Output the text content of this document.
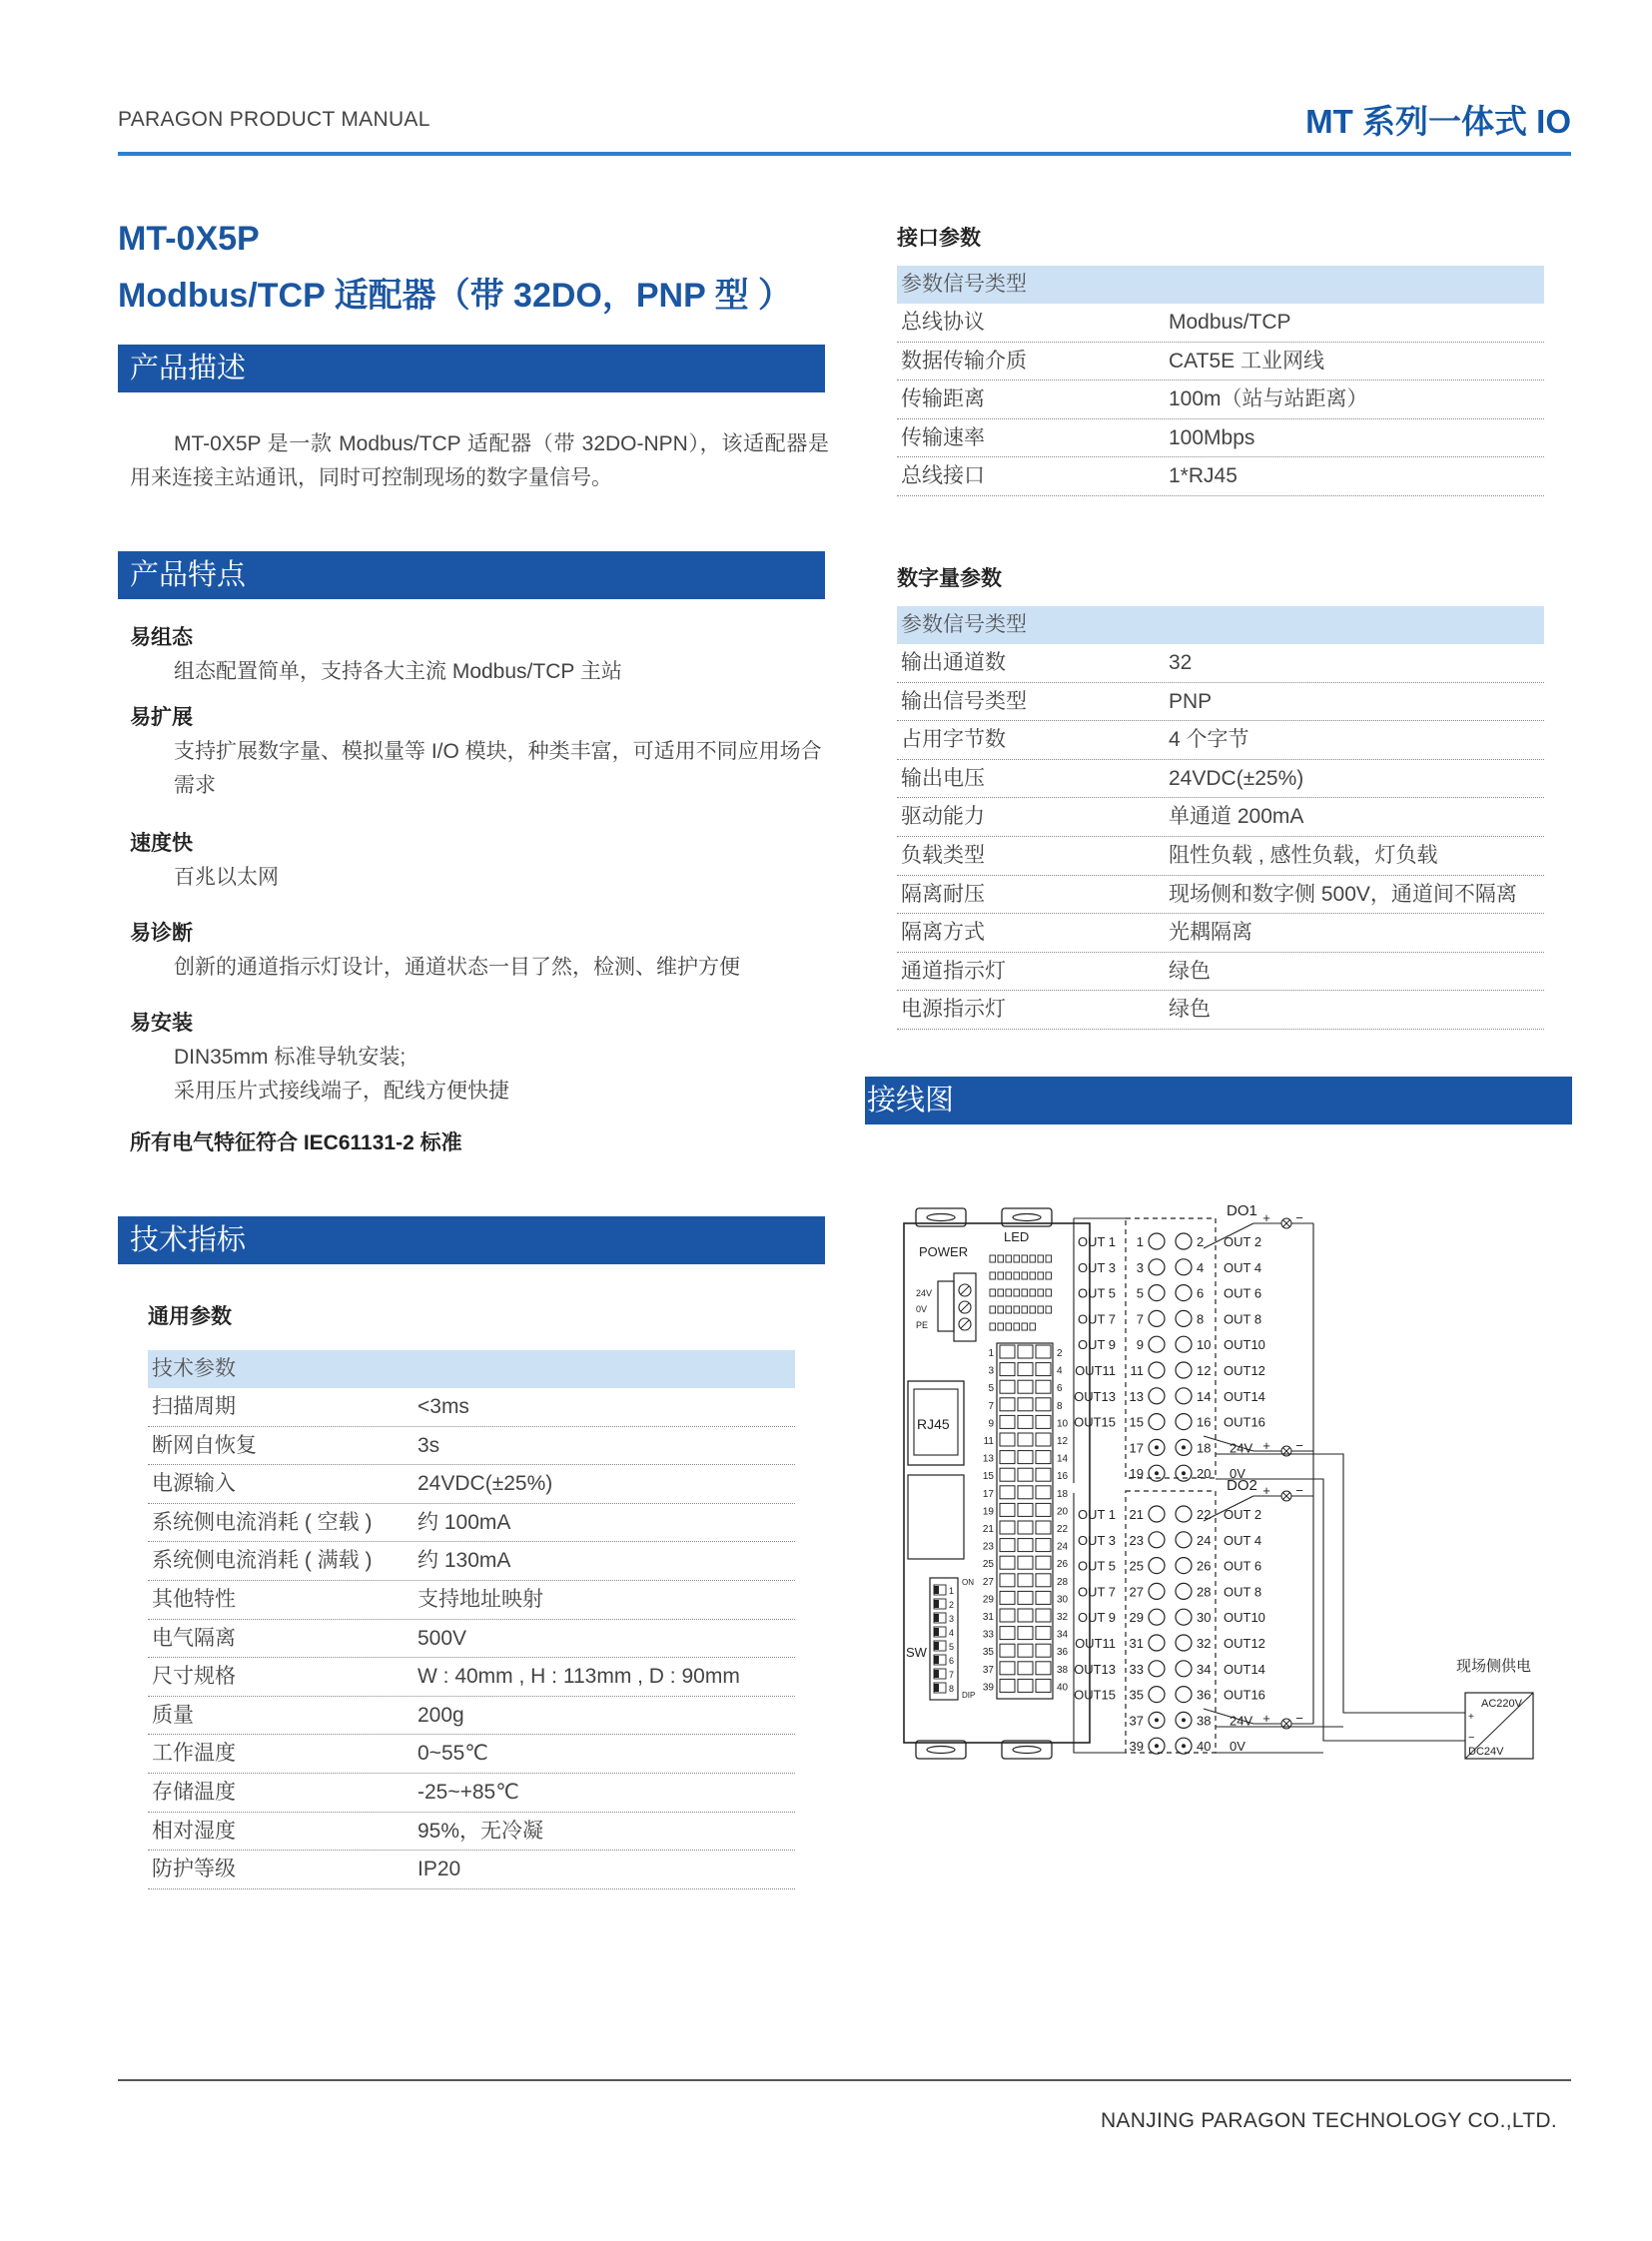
PARAGON PRODUCT MANUAL	MT 系列一体式 IO
MT-0X5P
Modbus/TCP 适配器（带 32DO，PNP 型 ）
产品描述
MT-0X5P 是一款 Modbus/TCP 适配器（带 32DO-NPN），该适配器是用来连接主站通讯，同时可控制现场的数字量信号。
产品特点
易组态
组态配置简单，支持各大主流 Modbus/TCP 主站
易扩展
支持扩展数字量、模拟量等 I/O 模块，种类丰富，可适用不同应用场合需求
速度快
百兆以太网
易诊断
创新的通道指示灯设计，通道状态一目了然，检测、维护方便
易安装
DIN35mm 标准导轨安装;
采用压片式接线端子，配线方便快捷
所有电气特征符合 IEC61131-2 标准
技术指标
通用参数
技术参数
扫描周期	<3ms
断网自恢复	3s
电源输入	24VDC(±25%)
系统侧电流消耗 ( 空载 )	约 100mA
系统侧电流消耗 ( 满载 )	约 130mA
其他特性	支持地址映射
电气隔离	500V
尺寸规格	W : 40mm , H : 113mm , D : 90mm
质量	200g
工作温度	0~55℃
存储温度	-25~+85℃
相对湿度	95%，无冷凝
防护等级	IP20
接口参数
参数信号类型
总线协议	Modbus/TCP
数据传输介质	CAT5E 工业网线
传输距离	100m（站与站距离）
传输速率	100Mbps
总线接口	1*RJ45
数字量参数
参数信号类型
输出通道数	32
输出信号类型	PNP
占用字节数	4 个字节
输出电压	24VDC(±25%)
驱动能力	单通道 200mA
负载类型	阻性负载 , 感性负载，灯负载
隔离耐压	现场侧和数字侧 500V，通道间不隔离
隔离方式	光耦隔离
通道指示灯	绿色
电源指示灯	绿色
接线图
POWER
LED
24V
0V
PE
RJ45
SW
ON
DIP
1
2
3
4
5
6
7
8
1	2
3	4
5	6
7	8
9	10
11	12
13	14
15	16
17	18
19	20
21	22
23	24
25	26
27	28
29	30
31	32
33	34
35	36
37	38
39	40
DO1
DO2
1	2
OUT 1	OUT 2
3	4
OUT 3	OUT 4
5	6
OUT 5	OUT 6
7	8
OUT 7	OUT 8
9	10
OUT 9	OUT10
11	12
OUT11	OUT12
13	14
OUT13	OUT14
15	16
OUT15	OUT16
17	18
19	20
24V
0V
21	22
OUT 1	OUT 2
23	24
OUT 3	OUT 4
25	26
OUT 5	OUT 6
27	28
OUT 7	OUT 8
29	30
OUT 9	OUT10
31	32
OUT11	OUT12
33	34
OUT13	OUT14
35	36
OUT15	OUT16
37	38
39	40
24V
0V
+ −
+ −
+ −
+ −
现场侧供电
AC220V
DC24V
+
−
NANJING PARAGON TECHNOLOGY CO.,LTD.
